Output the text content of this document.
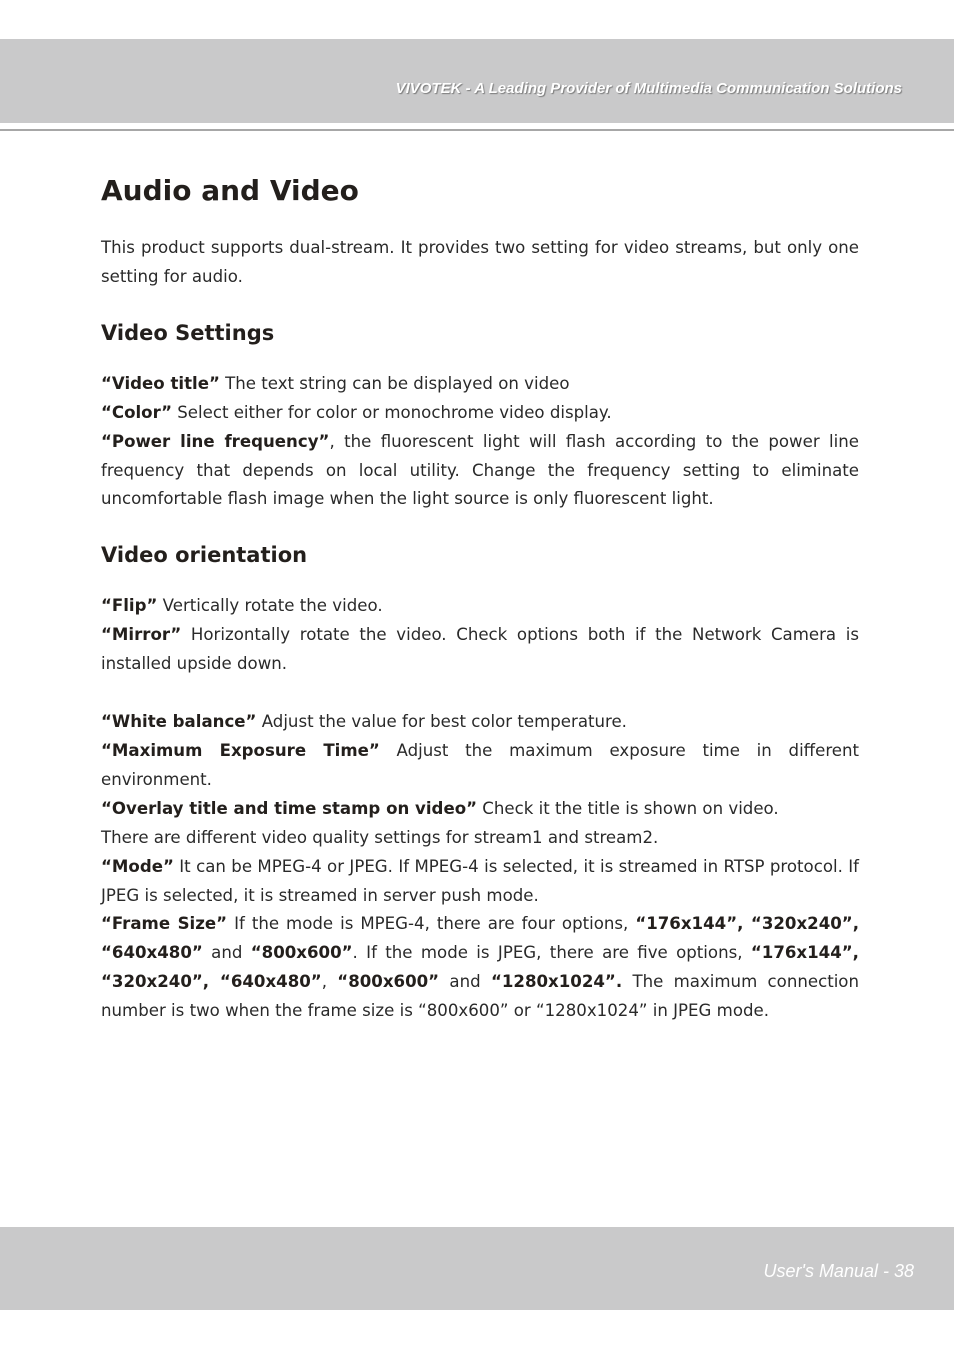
VIVOTEK - A Leading Provider of Multimedia Communication Solutions
Audio and Video

This product supports dual-stream. It provides two setting for video streams, but only one setting for audio.

Video Settings

“Video title” The text string can be displayed on video

“Color” Select either for color or monochrome video display.

“Power line frequency”, the fluorescent light will flash according to the power line frequency that depends on local utility. Change the frequency setting to eliminate uncomfortable flash image when the light source is only fluorescent light.

Video orientation

“Flip” Vertically rotate the video.

“Mirror” Horizontally rotate the video. Check options both if the Network Camera is installed upside down.

“White balance” Adjust the value for best color temperature.

“Maximum Exposure Time” Adjust the maximum exposure time in different environment.

“Overlay title and time stamp on video” Check it the title is shown on video.

There are different video quality settings for stream1 and stream2.

“Mode” It can be MPEG-4 or JPEG. If MPEG-4 is selected, it is streamed in RTSP protocol. If JPEG is selected, it is streamed in server push mode.

“Frame Size” If the mode is MPEG-4, there are four options, “176x144”, “320x240”, “640x480” and “800x600”. If the mode is JPEG, there are five options, “176x144”, “320x240”, “640x480”, “800x600” and “1280x1024”. The maximum connection number is two when the frame size is “800x600” or “1280x1024” in JPEG mode.

User's Manual - 38
